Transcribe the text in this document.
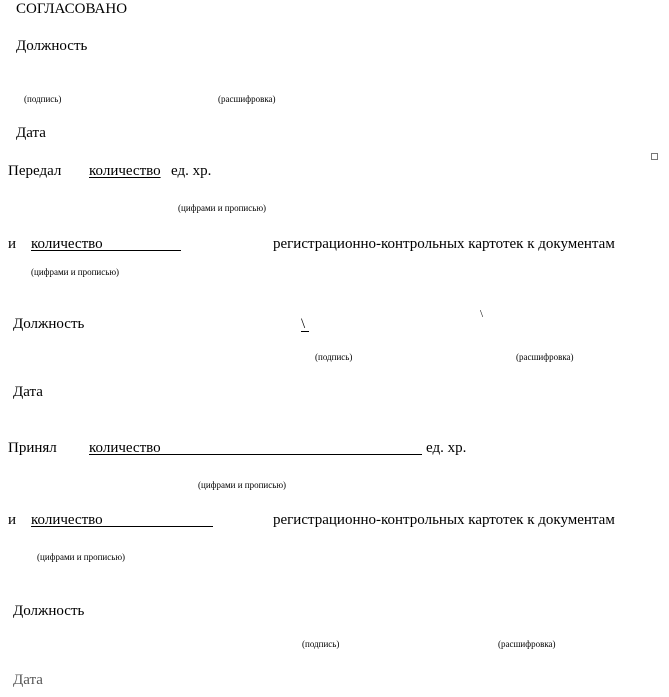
СОГЛАСОВАНО
Должность
(подпись)	(расшифровка)
Дата
Передал количество ед. хр.
(цифрами и прописью)
и количество	регистрационно-контрольных картотек к документам
(цифрами и прописью)
Должность	\
\
(подпись)	(расшифровка)
Дата
Принял количество	ед. хр.
(цифрами и прописью)
и количество	регистрационно-контрольных картотек к документам
(цифрами и прописью)
Должность
(подпись)	(расшифровка)
Дата
